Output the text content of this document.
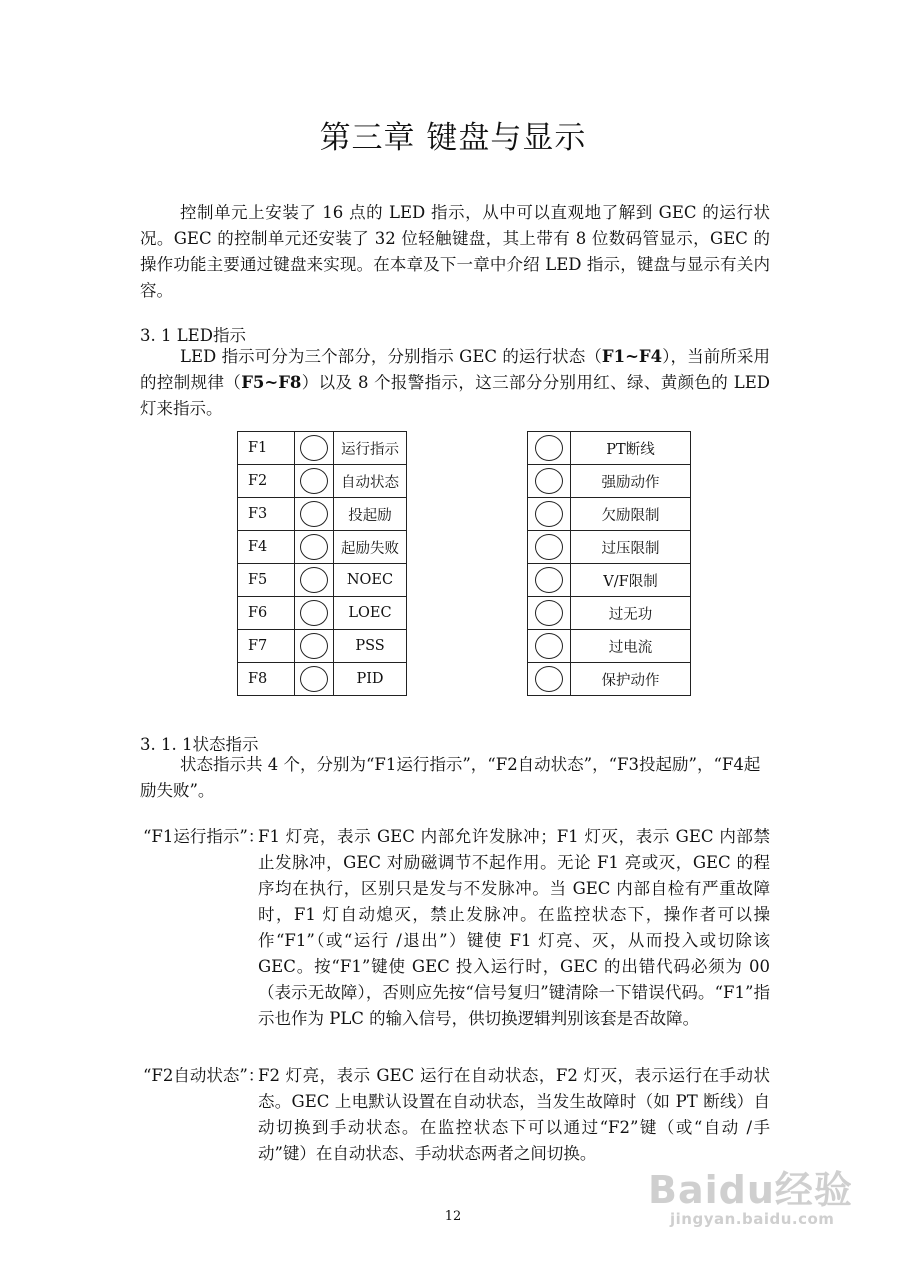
第三章 键盘与显示

控制单元上安装了 16 点的 LED 指示，从中可以直观地了解到 GEC 的运行状况。GEC 的控制单元还安装了 32 位轻触键盘，其上带有 8 位数码管显示，GEC 的操作功能主要通过键盘来实现。在本章及下一章中介绍 LED 指示，键盘与显示有关内容。

3. 1 LED指示

LED 指示可分为三个部分，分别指示 GEC 的运行状态（F1~F4），当前所采用的控制规律（F5~F8）以及 8 个报警指示，这三部分分别用红、绿、黄颜色的 LED 灯来指示。

F1		运行指示
F2		自动状态
F3		投起励
F4		起励失败
F5		NOEC
F6		LOEC
F7		PSS
F8		PID
	PT断线
	强励动作
	欠励限制
	过压限制
	V/F限制
	过无功
	过电流
	保护动作
3. 1. 1状态指示

状态指示共 4 个，分别为“F1运行指示”，“F2自动状态”，“F3投起励”，“F4起励失败”。

“F1运行指示”：

F1 灯亮，表示 GEC 内部允许发脉冲；F1 灯灭，表示 GEC 内部禁止发脉冲，GEC 对励磁调节不起作用。无论 F1 亮或灭，GEC 的程序均在执行，区别只是发与不发脉冲。当 GEC 内部自检有严重故障时，F1 灯自动熄灭，禁止发脉冲。在监控状态下，操作者可以操作“F1”（或“运行 /退出”）键使 F1 灯亮、灭，从而投入或切除该 GEC。按“F1”键使 GEC 投入运行时，GEC 的出错代码必须为 00（表示无故障），否则应先按“信号复归”键清除一下错误代码。“F1”指示也作为 PLC 的输入信号，供切换逻辑判别该套是否故障。

“F2自动状态”：

F2 灯亮，表示 GEC 运行在自动状态，F2 灯灭，表示运行在手动状态。GEC 上电默认设置在自动状态，当发生故障时（如 PT 断线）自动切换到手动状态。在监控状态下可以通过“F2”键（或“自动 /手动”键）在自动状态、手动状态两者之间切换。

12
Baidu经验
jingyan.baidu.com
